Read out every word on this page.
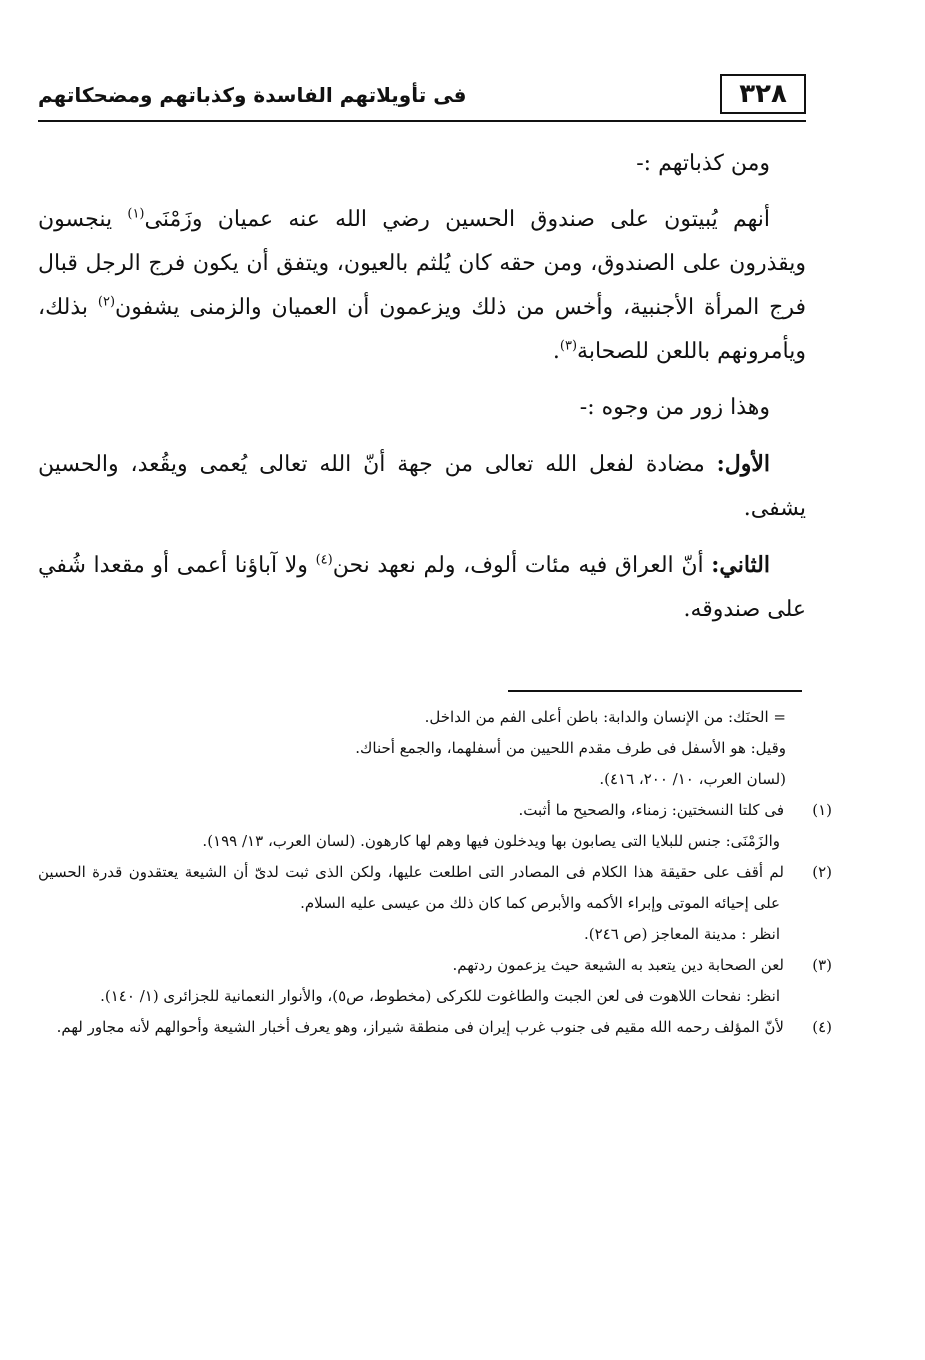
٣٢٨
فى تأويلاتهم الفاسدة وكذباتهم ومضحكاتهم

ومن كذباتهم :-

أنهم يُبيتون على صندوق الحسين رضي الله عنه عميان وزَمْنَى$^{(١)}$ ينجسون ويقذرون على الصندوق، ومن حقه كان يُلثم بالعيون، ويتفق أن يكون فرج الرجل قبال فرج المرأة الأجنبية، وأخس من ذلك ويزعمون أن العميان والزمنى يشفون$^{(٢)}$ بذلك، ويأمرونهم باللعن للصحابة$^{(٣)}$.

وهذا زور من وجوه :-

الأول: مضادة لفعل الله تعالى من جهة أنّ الله تعالى يُعمى ويقُعد، والحسين يشفى.

الثاني: أنّ العراق فيه مئات ألوف، ولم نعهد نحن$^{(٤)}$ ولا آباؤنا أعمى أو مقعدا شُفي على صندوقه.

= الحنَك: من الإنسان والدابة: باطن أعلى الفم من الداخل.

وقيل: هو الأسفل فى طرف مقدم اللحيين من أسفلهما، والجمع أحناك.

(لسان العرب، ١٠/ ٢٠٠، ٤١٦).

(١)فى كلتا النسختين: زمناء، والصحيح ما أثبت.

والزَمْنَى: جنس للبلايا التى يصابون بها ويدخلون فيها وهم لها كارهون. (لسان العرب، ١٣/ ١٩٩).

(٢)لم أقف على حقيقة هذا الكلام فى المصادر التى اطلعت عليها، ولكن الذى ثبت لدىّ أن الشيعة يعتقدون قدرة الحسين على إحيائه الموتى وإبراء الأكمه والأبرص كما كان ذلك من عيسى عليه السلام.

انظر : مدينة المعاجز (ص ٢٤٦).

(٣)لعن الصحابة دين يتعبد به الشيعة حيث يزعمون ردتهم.

انظر: نفحات اللاهوت فى لعن الجبت والطاغوت للكركى (مخطوط، ص٥)، والأنوار النعمانية للجزائرى (١/ ١٤٠).

(٤)لأنّ المؤلف رحمه الله مقيم فى جنوب غرب إيران فى منطقة شيراز، وهو يعرف أخبار الشيعة وأحوالهم لأنه مجاور لهم.
